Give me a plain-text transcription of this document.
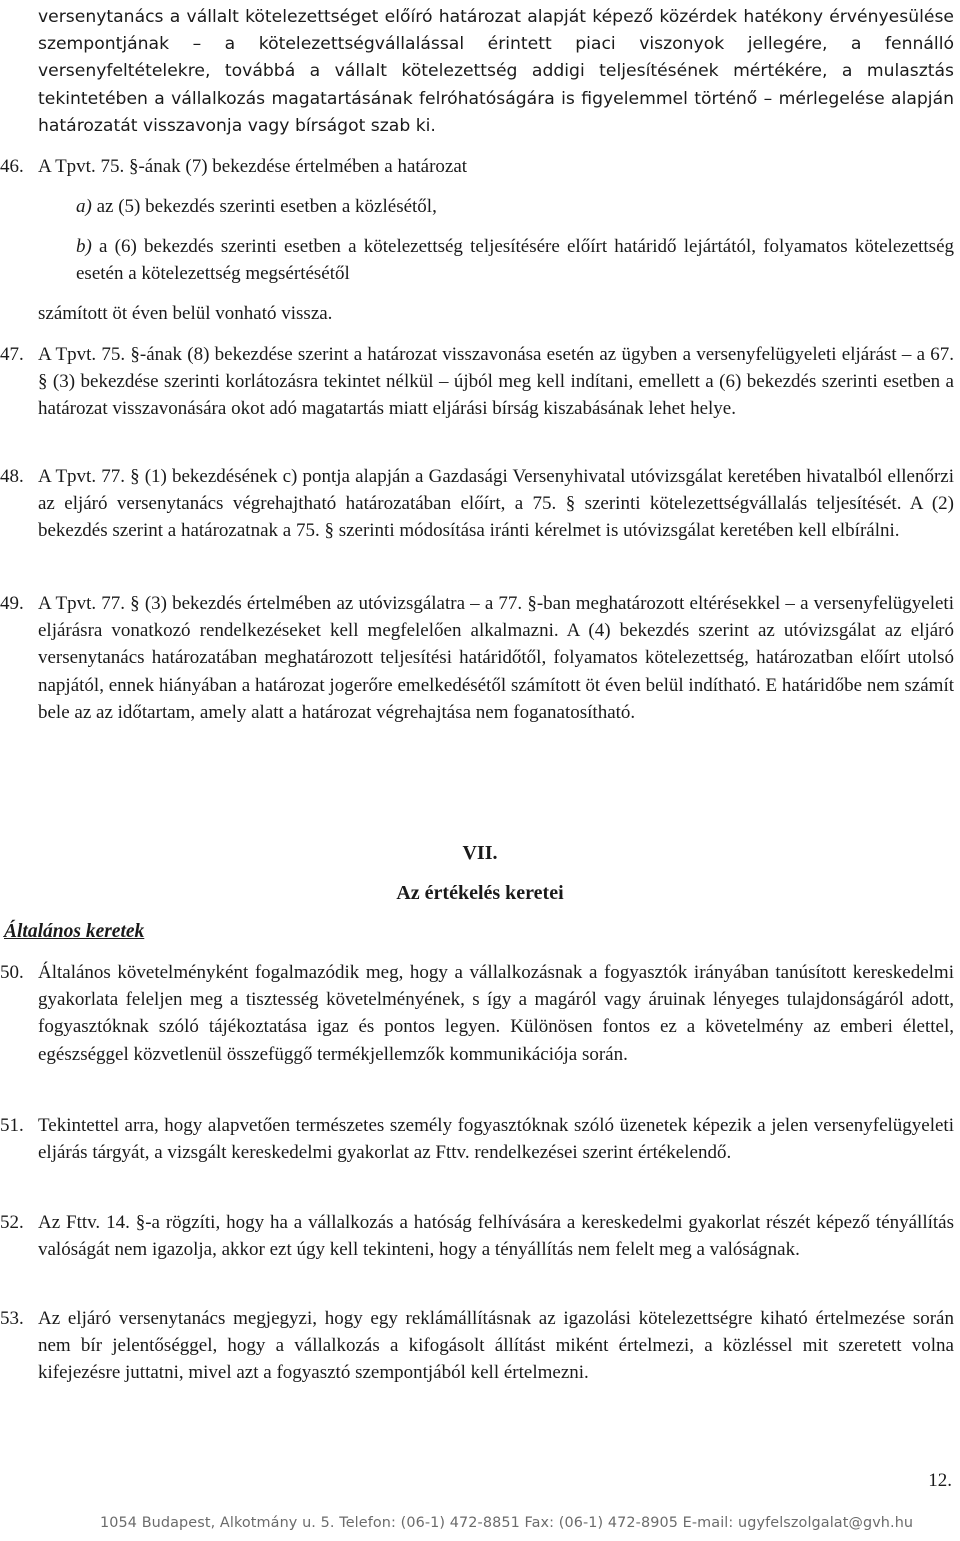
versenytanács a vállalt kötelezettséget előíró határozat alapját képező közérdek hatékony érvényesülése szempontjának – a kötelezettségvállalással érintett piaci viszonyok jellegére, a fennálló versenyfeltételekre, továbbá a vállalt kötelezettség addigi teljesítésének mértékére, a mulasztás tekintetében a vállalkozás magatartásának felróhatóságára is figyelemmel történő – mérlegelése alapján határozatát visszavonja vagy bírságot szab ki.
46. A Tpvt. 75. §-ának (7) bekezdése értelmében a határozat
a) az (5) bekezdés szerinti esetben a közlésétől,
b) a (6) bekezdés szerinti esetben a kötelezettség teljesítésére előírt határidő lejártától, folyamatos kötelezettség esetén a kötelezettség megsértésétől
számított öt éven belül vonható vissza.
47. A Tpvt. 75. §-ának (8) bekezdése szerint a határozat visszavonása esetén az ügyben a versenyfelügyeleti eljárást – a 67. § (3) bekezdése szerinti korlátozásra tekintet nélkül – újból meg kell indítani, emellett a (6) bekezdés szerinti esetben a határozat visszavonására okot adó magatartás miatt eljárási bírság kiszabásának lehet helye.
48. A Tpvt. 77. § (1) bekezdésének c) pontja alapján a Gazdasági Versenyhivatal utóvizsgálat keretében hivatalból ellenőrzi az eljáró versenytanács végrehajtható határozatában előírt, a 75. § szerinti kötelezettségvállalás teljesítését. A (2) bekezdés szerint a határozatnak a 75. § szerinti módosítása iránti kérelmet is utóvizsgálat keretében kell elbírálni.
49. A Tpvt. 77. § (3) bekezdés értelmében az utóvizsgálatra – a 77. §-ban meghatározott eltérésekkel – a versenyfelügyeleti eljárásra vonatkozó rendelkezéseket kell megfelelően alkalmazni. A (4) bekezdés szerint az utóvizsgálat az eljáró versenytanács határozatában meghatározott teljesítési határidőtől, folyamatos kötelezettség, határozatban előírt utolsó napjától, ennek hiányában a határozat jogerőre emelkedésétől számított öt éven belül indítható. E határidőbe nem számít bele az az időtartam, amely alatt a határozat végrehajtása nem foganatosítható.
VII.
Az értékelés keretei
Általános keretek
50. Általános követelményként fogalmazódik meg, hogy a vállalkozásnak a fogyasztók irányában tanúsított kereskedelmi gyakorlata feleljen meg a tisztesség követelményének, s így a magáról vagy áruinak lényeges tulajdonságáról adott, fogyasztóknak szóló tájékoztatása igaz és pontos legyen. Különösen fontos ez a követelmény az emberi élettel, egészséggel közvetlenül összefüggő termékjellemzők kommunikációja során.
51. Tekintettel arra, hogy alapvetően természetes személy fogyasztóknak szóló üzenetek képezik a jelen versenyfelügyeleti eljárás tárgyát, a vizsgált kereskedelmi gyakorlat az Fttv. rendelkezései szerint értékelendő.
52. Az Fttv. 14. §-a rögzíti, hogy ha a vállalkozás a hatóság felhívására a kereskedelmi gyakorlat részét képező tényállítás valóságát nem igazolja, akkor ezt úgy kell tekinteni, hogy a tényállítás nem felelt meg a valóságnak.
53. Az eljáró versenytanács megjegyzi, hogy egy reklámállításnak az igazolási kötelezettségre kiható értelmezése során nem bír jelentőséggel, hogy a vállalkozás a kifogásolt állítást miként értelmezi, a közléssel mit szeretett volna kifejezésre juttatni, mivel azt a fogyasztó szempontjából kell értelmezni.
12.
1054 Budapest, Alkotmány u. 5. Telefon: (06-1) 472-8851 Fax: (06-1) 472-8905 E-mail: ugyfelszolgalat@gvh.hu
